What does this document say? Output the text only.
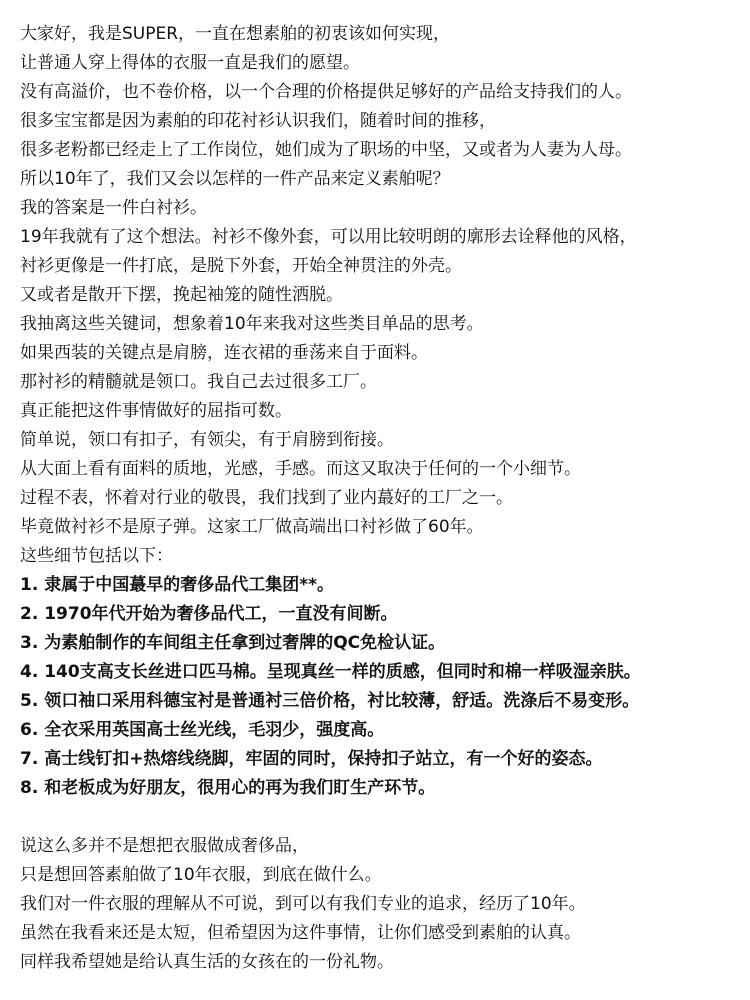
大家好，我是SUPER，一直在想素舶的初衷该如何实现，
让普通人穿上得体的衣服一直是我们的愿望。
没有高溢价，也不卷价格，以一个合理的价格提供足够好的产品给支持我们的人。
很多宝宝都是因为素舶的印花衬衫认识我们，随着时间的推移，
很多老粉都已经走上了工作岗位，她们成为了职场的中坚，又或者为人妻为人母。
所以10年了，我们又会以怎样的一件产品来定义素舶呢？
我的答案是一件白衬衫。
19年我就有了这个想法。衬衫不像外套，可以用比较明朗的廓形去诠释他的风格，
衬衫更像是一件打底，是脱下外套，开始全神贯注的外壳。
又或者是散开下摆，挽起袖笼的随性洒脱。
我抽离这些关键词，想象着10年来我对这些类目单品的思考。
如果西装的关键点是肩膀，连衣裙的垂荡来自于面料。
那衬衫的精髓就是领口。我自己去过很多工厂。
真正能把这件事情做好的屈指可数。
简单说，领口有扣子，有领尖，有于肩膀到衔接。
从大面上看有面料的质地，光感，手感。而这又取决于任何的一个小细节。
过程不表，怀着对行业的敬畏，我们找到了业内蕞好的工厂之一。
毕竟做衬衫不是原子弹。这家工厂做高端出口衬衫做了60年。
这些细节包括以下：
1. 隶属于中国蕞早的奢侈品代工集团**。
2. 1970年代开始为奢侈品代工，一直没有间断。
3. 为素舶制作的车间组主任拿到过奢牌的QC免检认证。
4. 140支高支长丝进口匹马棉。呈现真丝一样的质感，但同时和棉一样吸湿亲肤。
5. 领口袖口采用科德宝衬是普通衬三倍价格，衬比较薄，舒适。洗涤后不易变形。
6. 全衣采用英国高士丝光线，毛羽少，强度高。
7. 高士线钉扣+热熔线绕脚，牢固的同时，保持扣子站立，有一个好的姿态。
8. 和老板成为好朋友，很用心的再为我们盯生产环节。
说这么多并不是想把衣服做成奢侈品，
只是想回答素舶做了10年衣服，到底在做什么。
我们对一件衣服的理解从不可说，到可以有我们专业的追求，经历了10年。
虽然在我看来还是太短，但希望因为这件事情，让你们感受到素舶的认真。
同样我希望她是给认真生活的女孩在的一份礼物。
